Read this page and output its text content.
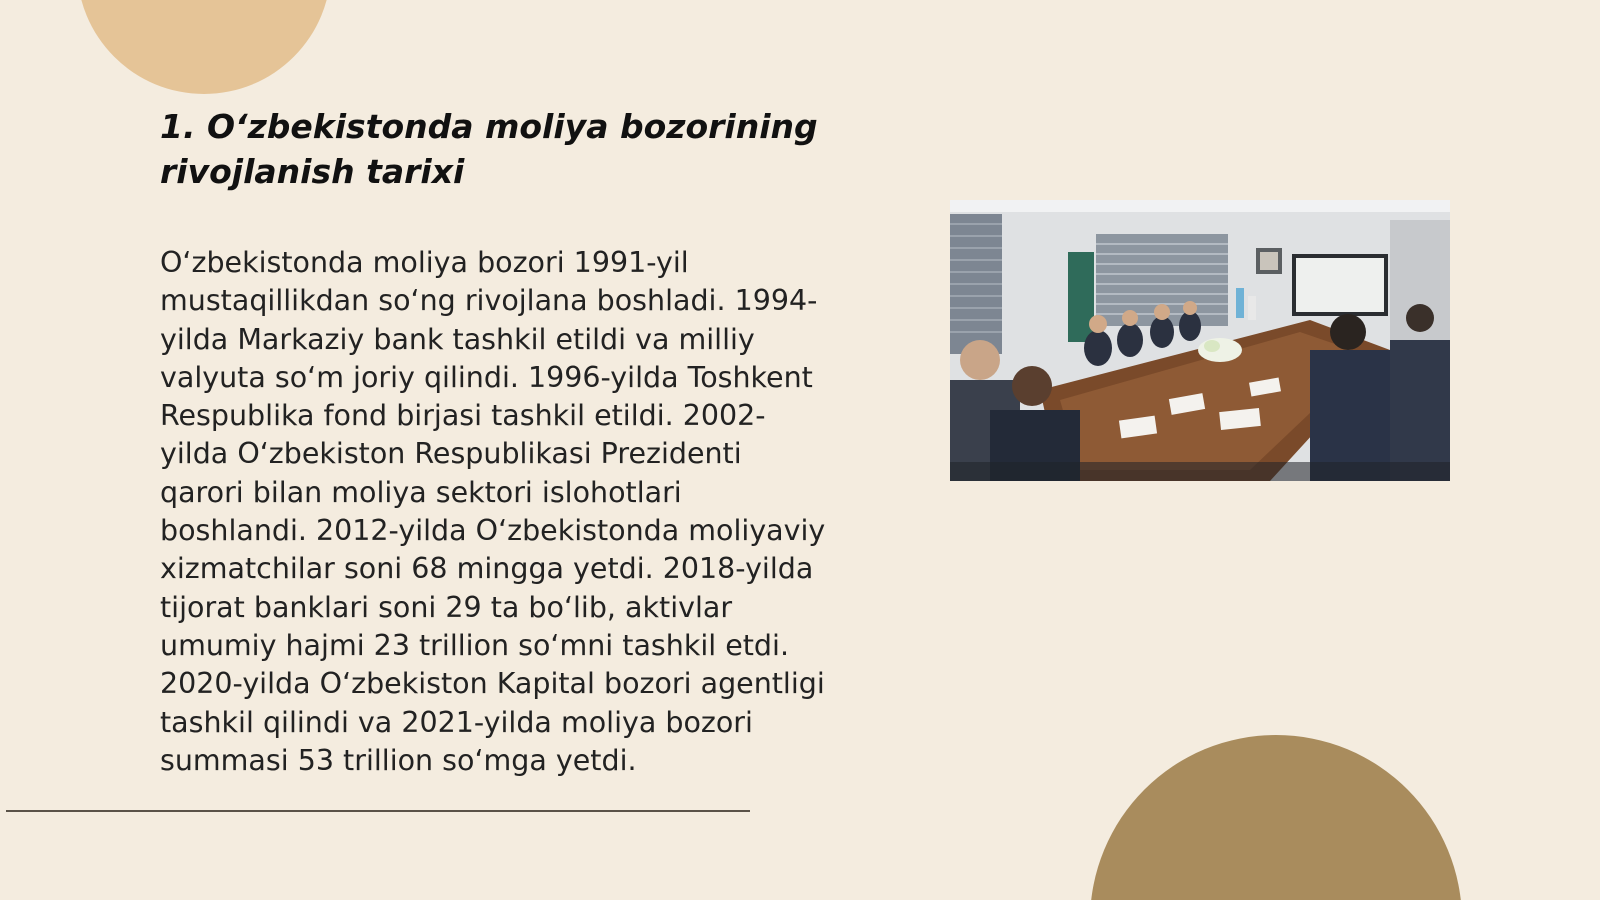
1. O‘zbekistonda moliya bozorining rivojlanish tarixi

O‘zbekistonda moliya bozori 1991-yil mustaqillikdan so‘ng rivojlana boshladi. 1994-yilda Markaziy bank tashkil etildi va milliy valyuta so‘m joriy qilindi. 1996-yilda Toshkent Respublika fond birjasi tashkil etildi. 2002-yilda O‘zbekiston Respublikasi Prezidenti qarori bilan moliya sektori islohotlari boshlandi. 2012-yilda O‘zbekistonda moliyaviy xizmatchilar soni 68 mingga yetdi. 2018-yilda tijorat banklari soni 29 ta bo‘lib, aktivlar umumiy hajmi 23 trillion so‘mni tashkil etdi. 2020-yilda O‘zbekiston Kapital bozori agentligi tashkil qilindi va 2021-yilda moliya bozori summasi 53 trillion so‘mga yetdi.
